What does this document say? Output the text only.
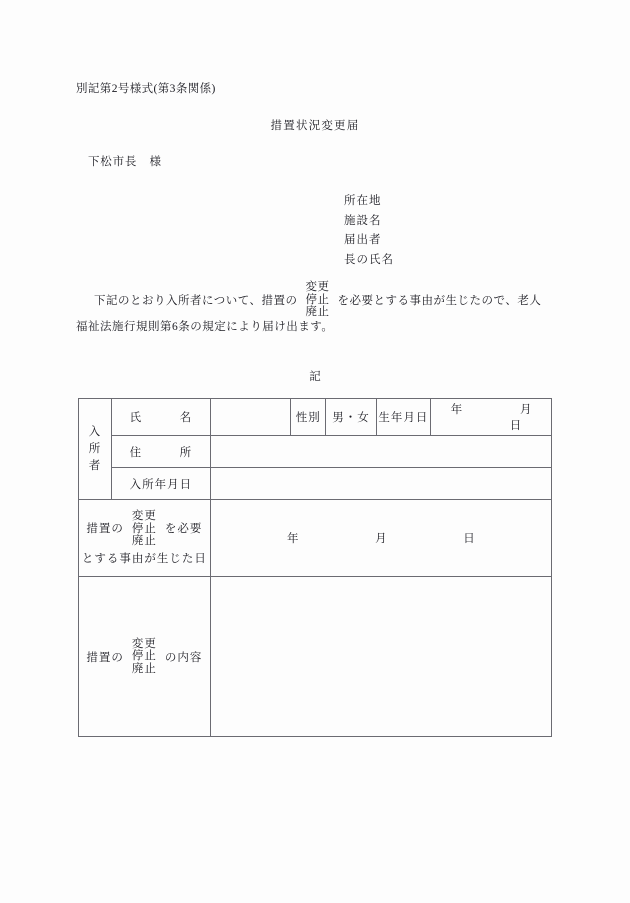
別記第2号様式(第3条関係)
措置状況変更届
下松市長　様
所在地
施設名
届出者
長の氏名
下記のとおり入所者について、措置の
変更
停止
廃止
を必要とする事由が生じたので、老人
福祉法施行規則第6条の規定により届け出ます。
記
入
所
者	氏　　　名		性別	男・女	生年月日	年 月  日
	住　　　所					
	入所年月日					

措置の
変更
停止
廃止
を必要
とする事由が生じた日
	年	月	日

措置の
変更
停止
廃止
の内容						
